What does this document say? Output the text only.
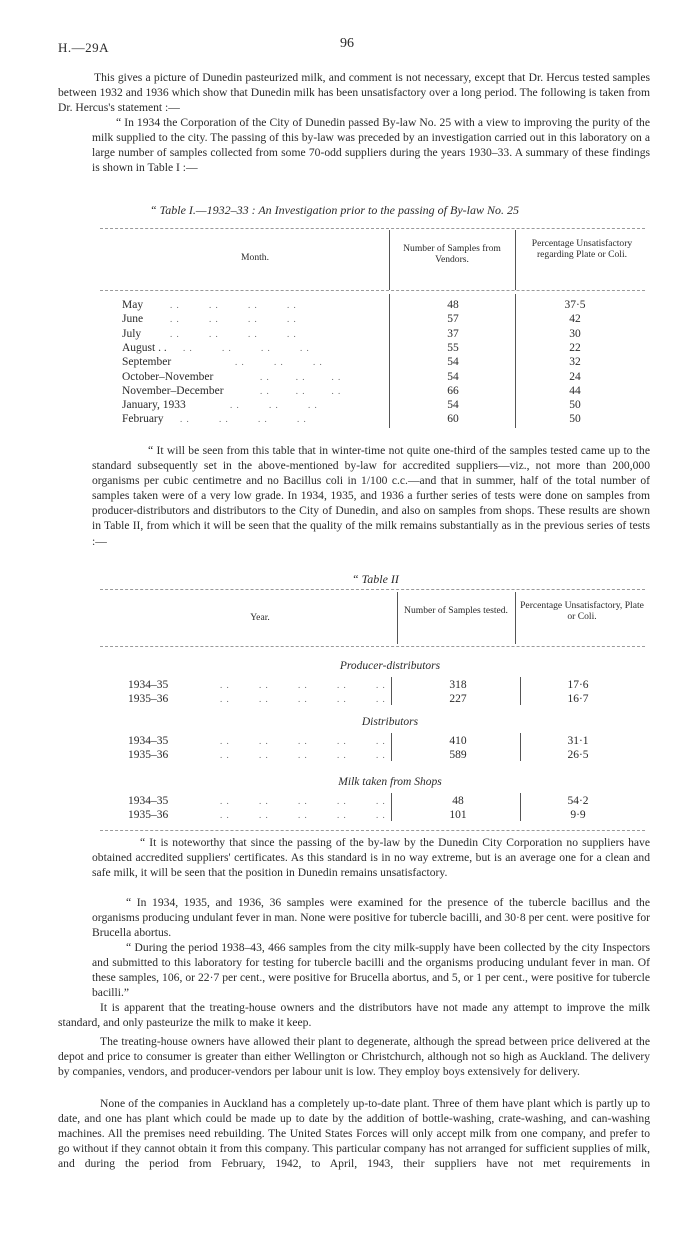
H.—29A	96

This gives a picture of Dunedin pasteurized milk, and comment is not necessary, except that Dr. Hercus tested samples between 1932 and 1936 which show that Dunedin milk has been unsatisfactory over a long period. The following is taken from Dr. Hercus's statement :—

“ In 1934 the Corporation of the City of Dunedin passed By-law No. 25 with a view to improving the purity of the milk supplied to the city. The passing of this by-law was preceded by an investigation carried out in this laboratory on a large number of samples collected from some 70-odd suppliers during the years 1930–33. A summary of these findings is shown in Table I :—

“ Table I.—1932–33 : An Investigation prior to the passing of By-law No. 25
Month.
Number of Samples from Vendors.
Percentage Unsatisfactory regarding Plate or Coli.
May	. .         . .         . .         . .	48	37·5
June	. .         . .         . .         . .	57	42
July	. .         . .         . .         . .	37	30
August . . . .         . .         . .         . .	55	22
September	. .         . .         . .	54	32
October–November	. .        . .        . .	54	24
November–December	. .        . .        . .	66	44
January, 1933	. .         . .         . .	54	50
February . .         . .         . .         . .	60	50

“ It will be seen from this table that in winter-time not quite one-third of the samples tested came up to the standard subsequently set in the above-mentioned by-law for accredited suppliers—viz., not more than 200,000 organisms per cubic centimetre and no Bacillus coli in 1/100 c.c.—and that in summer, half of the total number of samples taken were of a very low grade. In 1934, 1935, and 1936 a further series of tests were done on samples from producer-distributors and distributors to the City of Dunedin, and also on samples from shops. These results are shown in Table II, from which it will be seen that the quality of the milk remains substantially as in the previous series of tests :—

“ Table II
Year.
Number of Samples tested.	Percentage Unsatisfactory, Plate or Coli.
Producer-distributors
1934–35	. .         . .         . .         . .         . .	318	17·6
1935–36	. .         . .         . .         . .         . .	227	16·7
Distributors
1934–35	. .         . .         . .         . .         . .	410	31·1
1935–36	. .         . .         . .         . .         . .	589	26·5
Milk taken from Shops
1934–35	. .         . .         . .         . .         . .	48	54·2
1935–36	. .         . .         . .         . .         . .	101	9·9

“ It is noteworthy that since the passing of the by-law by the Dunedin City Corporation no suppliers have obtained accredited suppliers' certificates. As this standard is in no way extreme, but is an average one for a clean and safe milk, it will be seen that the position in Dunedin remains unsatisfactory.

“ In 1934, 1935, and 1936, 36 samples were examined for the presence of the tubercle bacillus and the organisms producing undulant fever in man. None were positive for tubercle bacilli, and 30·8 per cent. were positive for Brucella abortus.

“ During the period 1938–43, 466 samples from the city milk-supply have been collected by the city Inspectors and submitted to this laboratory for testing for tubercle bacilli and the organisms producing undulant fever in man. Of these samples, 106, or 22·7 per cent., were positive for Brucella abortus, and 5, or 1 per cent., were positive for tubercle bacilli.”

It is apparent that the treating-house owners and the distributors have not made any attempt to improve the milk standard, and only pasteurize the milk to make it keep.

The treating-house owners have allowed their plant to degenerate, although the spread between price delivered at the depot and price to consumer is greater than either Wellington or Christchurch, although not so high as Auckland. The delivery by companies, vendors, and producer-vendors per labour unit is low. They employ boys extensively for delivery.

None of the companies in Auckland has a completely up-to-date plant. Three of them have plant which is partly up to date, and one has plant which could be made up to date by the addition of bottle-washing, crate-washing, and can-washing machines. All the premises need rebuilding. The United States Forces will only accept milk from one company, and prefer to go without if they cannot obtain it from this company. This particular company has not arranged for sufficient supplies of milk, and during the period from February, 1942, to April, 1943, their suppliers have not met requirements in
